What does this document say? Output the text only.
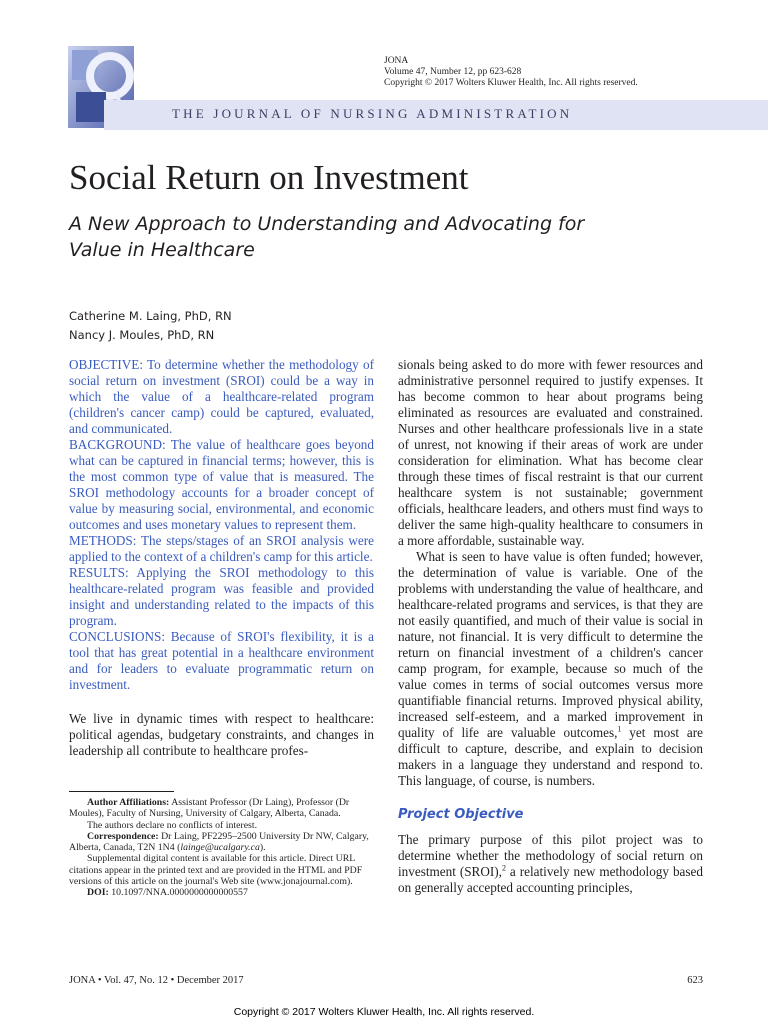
JONA
Volume 47, Number 12, pp 623-628
Copyright © 2017 Wolters Kluwer Health, Inc. All rights reserved.
THE JOURNAL OF NURSING ADMINISTRATION
Social Return on Investment
A New Approach to Understanding and Advocating for Value in Healthcare
Catherine M. Laing, PhD, RN
Nancy J. Moules, PhD, RN

OBJECTIVE: To determine whether the methodology of social return on investment (SROI) could be a way in which the value of a healthcare-related program (children's cancer camp) could be captured, evaluated, and communicated.

BACKGROUND: The value of healthcare goes beyond what can be captured in financial terms; however, this is the most common type of value that is measured. The SROI methodology accounts for a broader concept of value by measuring social, environmental, and economic outcomes and uses monetary values to represent them.

METHODS: The steps/stages of an SROI analysis were applied to the context of a children's camp for this article.

RESULTS: Applying the SROI methodology to this healthcare-related program was feasible and provided insight and understanding related to the impacts of this program.

CONCLUSIONS: Because of SROI's flexibility, it is a tool that has great potential in a healthcare environment and for leaders to evaluate programmatic return on investment.

We live in dynamic times with respect to healthcare: political agendas, budgetary constraints, and changes in leadership all contribute to healthcare profes-

Author Affiliations: Assistant Professor (Dr Laing), Professor (Dr Moules), Faculty of Nursing, University of Calgary, Alberta, Canada.

The authors declare no conflicts of interest.

Correspondence: Dr Laing, PF2295–2500 University Dr NW, Calgary, Alberta, Canada, T2N 1N4 (lainge@ucalgary.ca).

Supplemental digital content is available for this article. Direct URL citations appear in the printed text and are provided in the HTML and PDF versions of this article on the journal's Web site (www.jonajournal.com).

DOI: 10.1097/NNA.0000000000000557

sionals being asked to do more with fewer resources and administrative personnel required to justify expenses. It has become common to hear about programs being eliminated as resources are evaluated and constrained. Nurses and other healthcare professionals live in a state of unrest, not knowing if their areas of work are under consideration for elimination. What has become clear through these times of fiscal restraint is that our current healthcare system is not sustainable; government officials, healthcare leaders, and others must find ways to deliver the same high-quality healthcare to consumers in a more affordable, sustainable way.

What is seen to have value is often funded; however, the determination of value is variable. One of the problems with understanding the value of healthcare, and healthcare-related programs and services, is that they are not easily quantified, and much of their value is social in nature, not financial. It is very difficult to determine the return on financial investment of a children's cancer camp program, for example, because so much of the value comes in terms of social outcomes versus more quantifiable financial returns. Improved physical ability, increased self-esteem, and a marked improvement in quality of life are valuable outcomes,$^1$ yet most are difficult to capture, describe, and explain to decision makers in a language they understand and respond to. This language, of course, is numbers.

Project Objective

The primary purpose of this pilot project was to determine whether the methodology of social return on investment (SROI),$^2$ a relatively new methodology based on generally accepted accounting principles,

JONA • Vol. 47, No. 12 • December 2017	623
Copyright © 2017 Wolters Kluwer Health, Inc. All rights reserved.
